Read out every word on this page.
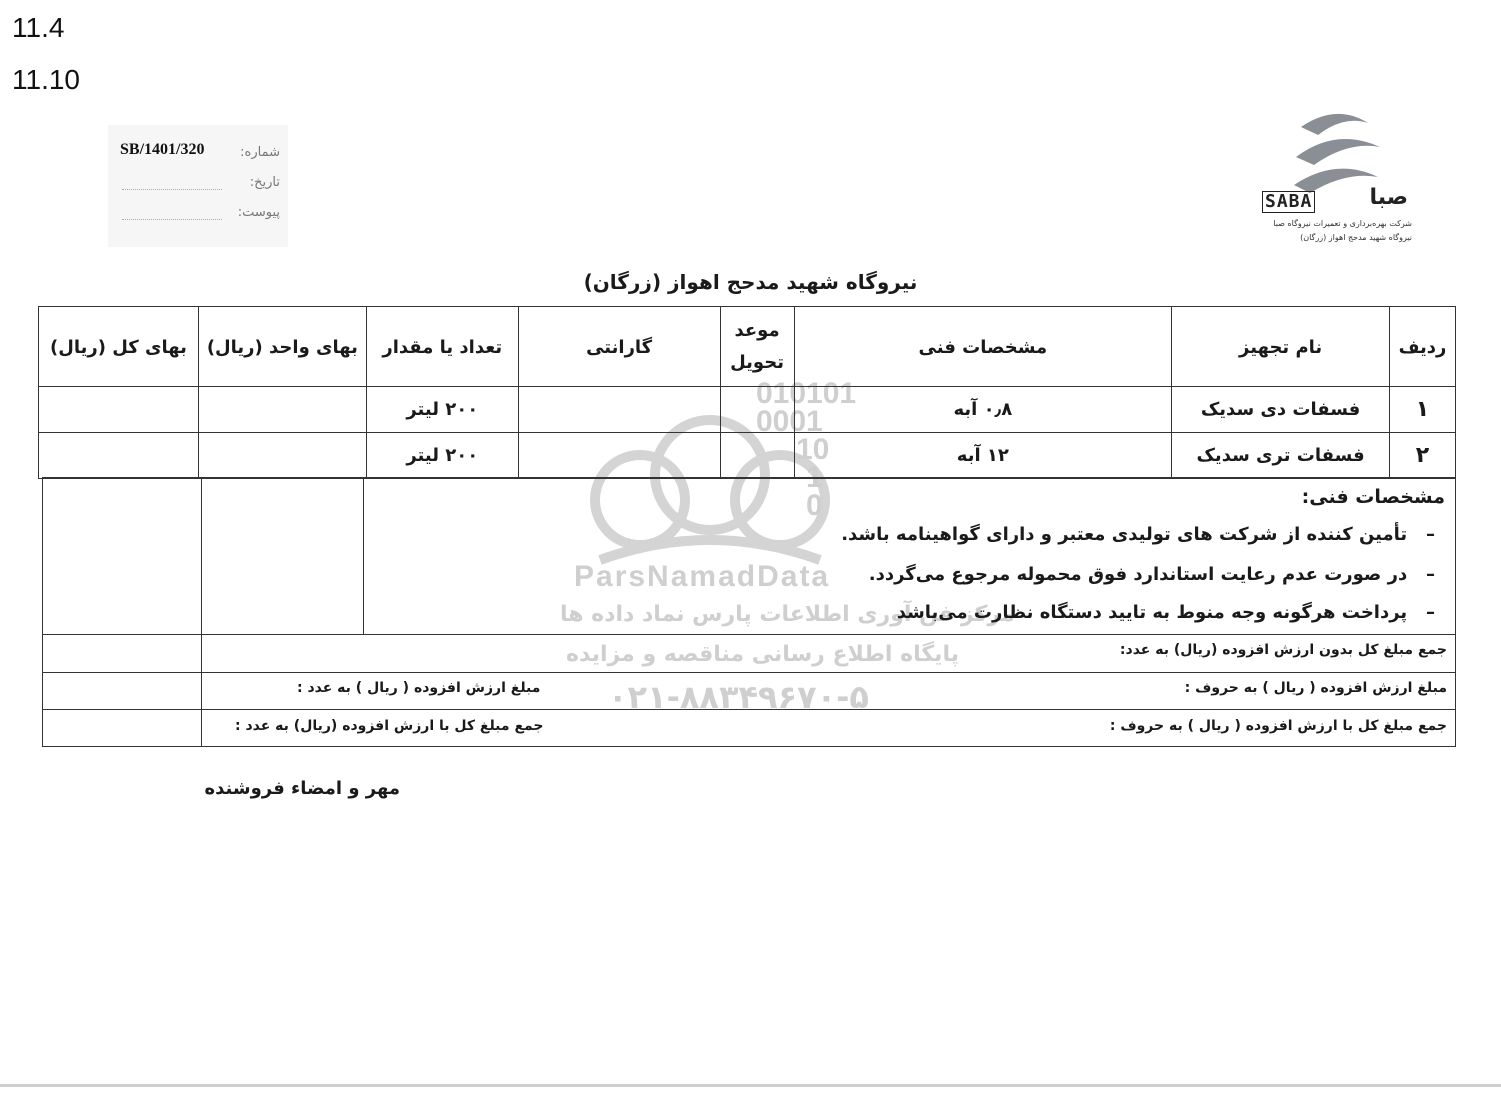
11.4
11.10
شماره:
SB/1401/320
تاریخ:
پیوست:
SABA	صبا
شرکت بهره‌برداری و تعمیرات نیروگاه صبا
نیروگاه شهید مدحج اهواز (زرگان)
نیروگاه شهید مدحج اهواز (زرگان)
010101
0001
10
1
0
ParsNamadData
مرکز فن آوری اطلاعات پارس نماد داده ها
پایگاه اطلاع رسانی مناقصه و مزایده
۰۲۱-۸۸۳۴۹۶۷۰-۵
ردیف	نام تجهیز	مشخصات فنی	موعد تحویل	گارانتی	تعداد یا مقدار	بهای واحد (ریال)	بهای کل (ریال)
۱	فسفات دی سدیک	۰٫۸ آبه			۲۰۰ لیتر		
۲	فسفات تری سدیک	۱۲ آبه			۲۰۰ لیتر		
مشخصات فنی:
–   تأمین کننده از شرکت های تولیدی معتبر و دارای گواهینامه باشد.
–   در صورت عدم رعایت استاندارد فوق محموله مرجوع می‌گردد.
–   پرداخت هرگونه وجه منوط به تایید دستگاه نظارت می‌باشد
جمع مبلغ کل بدون ارزش افزوده (ریال) به عدد:
مبلغ ارزش افزوده ( ریال ) به حروف :
مبلغ ارزش افزوده ( ریال ) به عدد :
جمع مبلغ کل با ارزش افزوده ( ریال ) به حروف :
جمع مبلغ کل با ارزش افزوده (ریال) به عدد :
مهر و امضاء فروشنده
